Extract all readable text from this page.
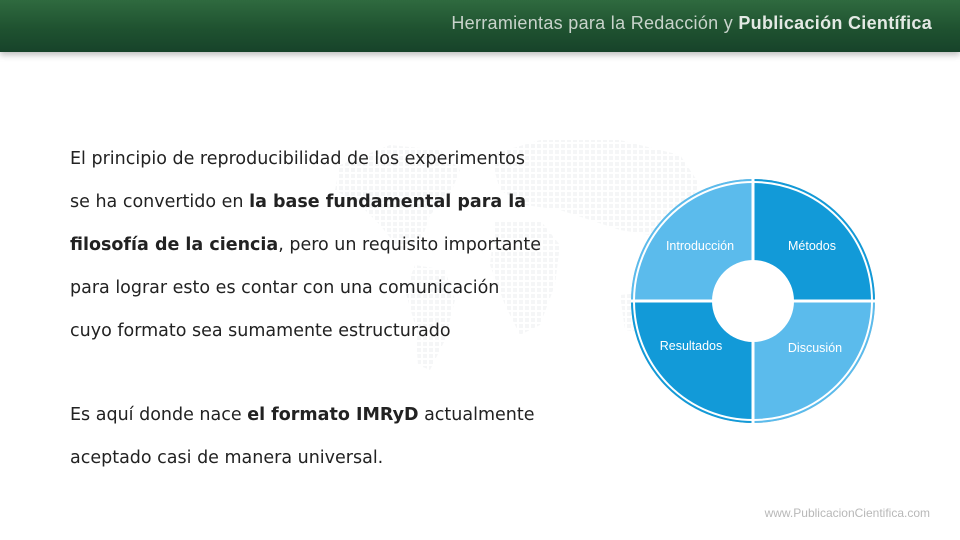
Herramientas para la Redacción y Publicación Científica
El principio de reproducibilidad de los experimentos
se ha convertido en la base fundamental para la
filosofía de la ciencia, pero un requisito importante
para lograr esto es contar con una comunicación
cuyo formato sea sumamente estructurado
Es aquí donde nace el formato IMRyD actualmente
aceptado casi de manera universal.
Introducción	Métodos
Discusión
Resultados
www.PublicacionCientifica.com
